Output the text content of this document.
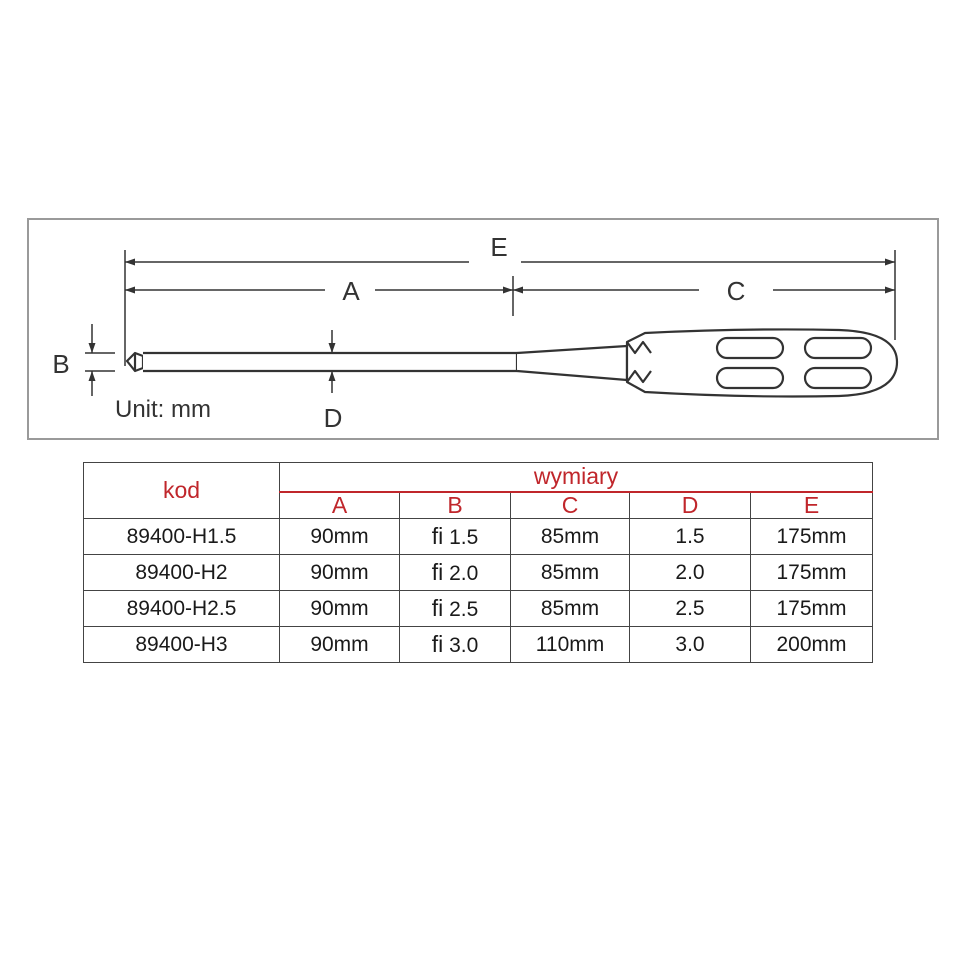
E
A	C
B
D
Unit: mm
kod	wymiary				
	A	B	C	D	E
89400-H1.5	90mm	fi 1.5	85mm	1.5	175mm
89400-H2	90mm	fi 2.0	85mm	2.0	175mm
89400-H2.5	90mm	fi 2.5	85mm	2.5	175mm
89400-H3	90mm	fi 3.0	110mm	3.0	200mm
